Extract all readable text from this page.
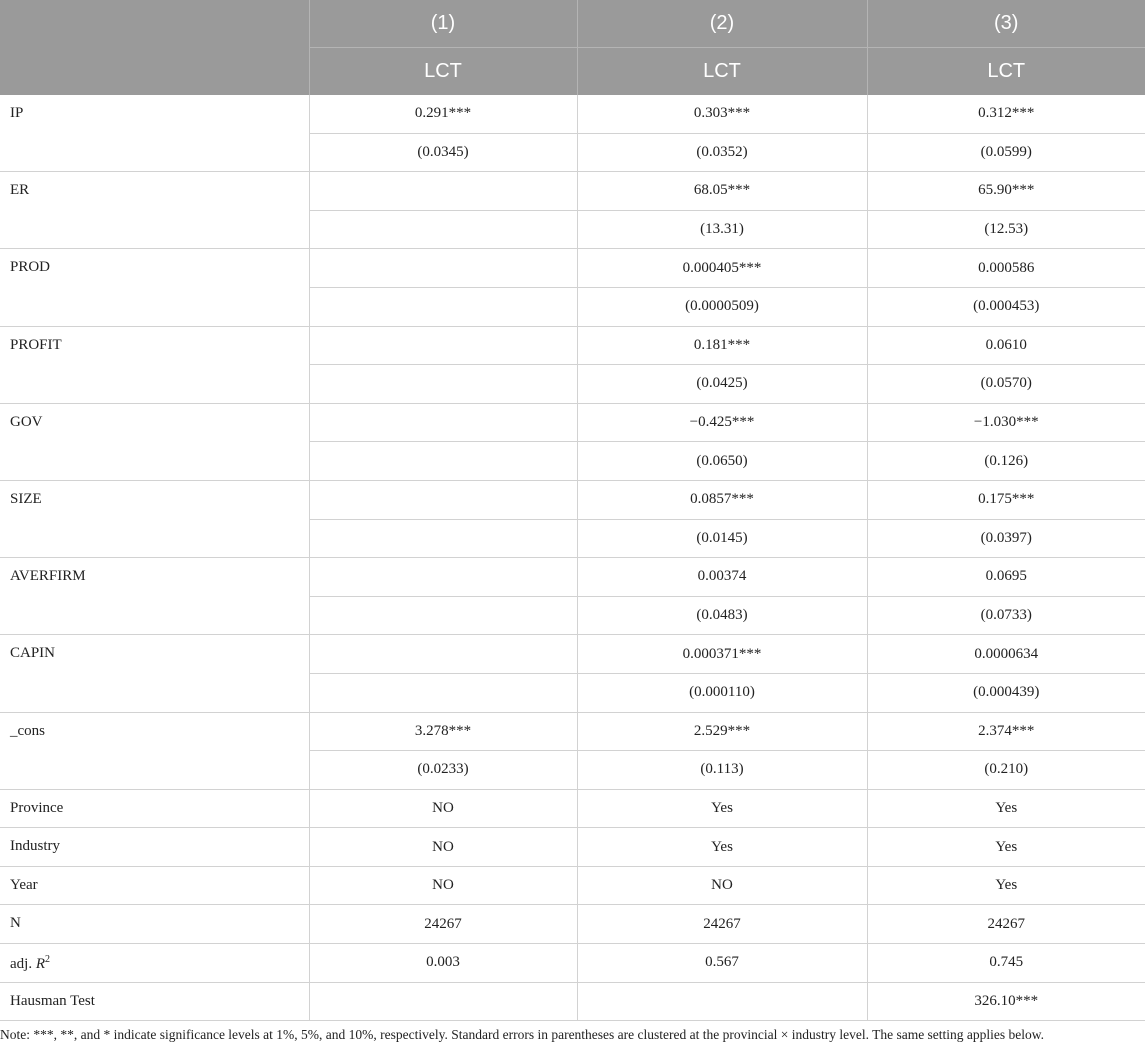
	(1)	(2)	(3)
	LCT	LCT	LCT
IP	0.291***	0.303***	0.312***
	(0.0345)	(0.0352)	(0.0599)
ER		68.05***	65.90***
		(13.31)	(12.53)
PROD		0.000405***	0.000586
		(0.0000509)	(0.000453)
PROFIT		0.181***	0.0610
		(0.0425)	(0.0570)
GOV		−0.425***	−1.030***
		(0.0650)	(0.126)
SIZE		0.0857***	0.175***
		(0.0145)	(0.0397)
AVERFIRM		0.00374	0.0695
		(0.0483)	(0.0733)
CAPIN		0.000371***	0.0000634
		(0.000110)	(0.000439)
_cons	3.278***	2.529***	2.374***
	(0.0233)	(0.113)	(0.210)
Province	NO	Yes	Yes
Industry	NO	Yes	Yes
Year	NO	NO	Yes
N	24267	24267	24267
adj. $R^2$	0.003	0.567	0.745
Hausman Test			326.10***
Note: ***, **, and * indicate significance levels at 1%, 5%, and 10%, respectively. Standard errors in parentheses are clustered at the provincial × industry level. The same setting applies below.
